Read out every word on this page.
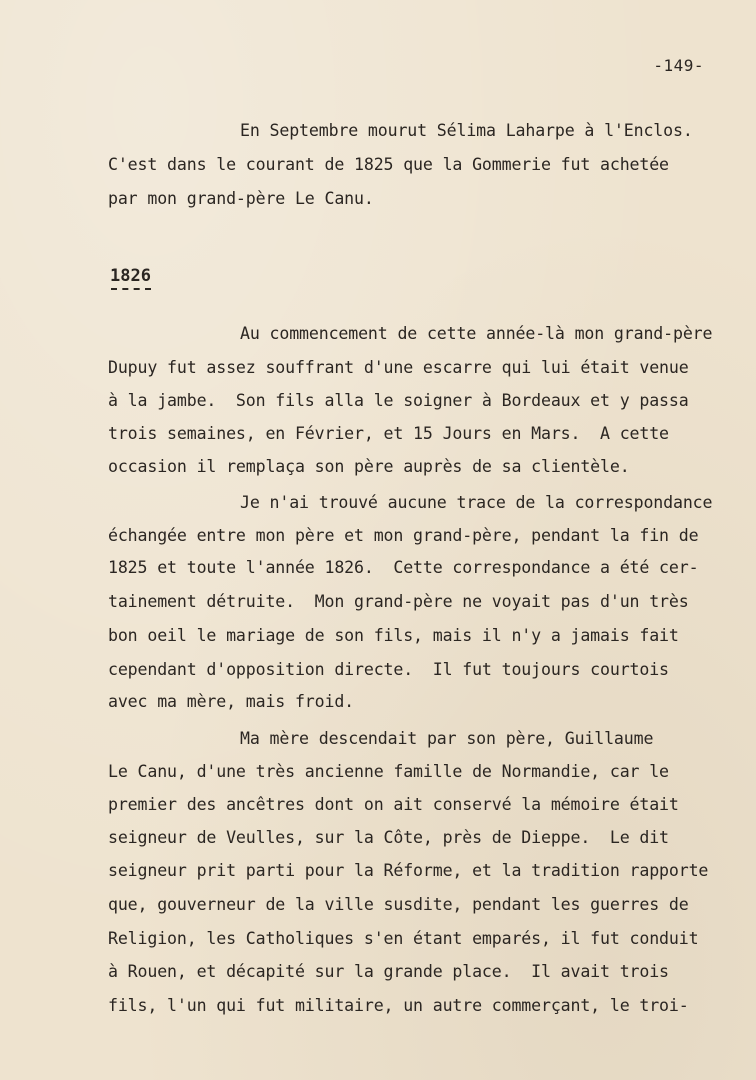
-149-
En Septembre mourut Sélima Laharpe à l'Enclos.
C'est dans le courant de 1825 que la Gommerie fut achetée
par mon grand-père Le Canu.
1826
Au commencement de cette année-là mon grand-père
Dupuy fut assez souffrant d'une escarre qui lui était venue
à la jambe.  Son fils alla le soigner à Bordeaux et y passa
trois semaines, en Février, et 15 Jours en Mars.  A cette
occasion il remplaça son père auprès de sa clientèle.
Je n'ai trouvé aucune trace de la correspondance
échangée entre mon père et mon grand-père, pendant la fin de
1825 et toute l'année 1826.  Cette correspondance a été cer-
tainement détruite.  Mon grand-père ne voyait pas d'un très
bon oeil le mariage de son fils, mais il n'y a jamais fait
cependant d'opposition directe.  Il fut toujours courtois
avec ma mère, mais froid.
Ma mère descendait par son père, Guillaume
Le Canu, d'une très ancienne famille de Normandie, car le
premier des ancêtres dont on ait conservé la mémoire était
seigneur de Veulles, sur la Côte, près de Dieppe.  Le dit
seigneur prit parti pour la Réforme, et la tradition rapporte
que, gouverneur de la ville susdite, pendant les guerres de
Religion, les Catholiques s'en étant emparés, il fut conduit
à Rouen, et décapité sur la grande place.  Il avait trois
fils, l'un qui fut militaire, un autre commerçant, le troi-
